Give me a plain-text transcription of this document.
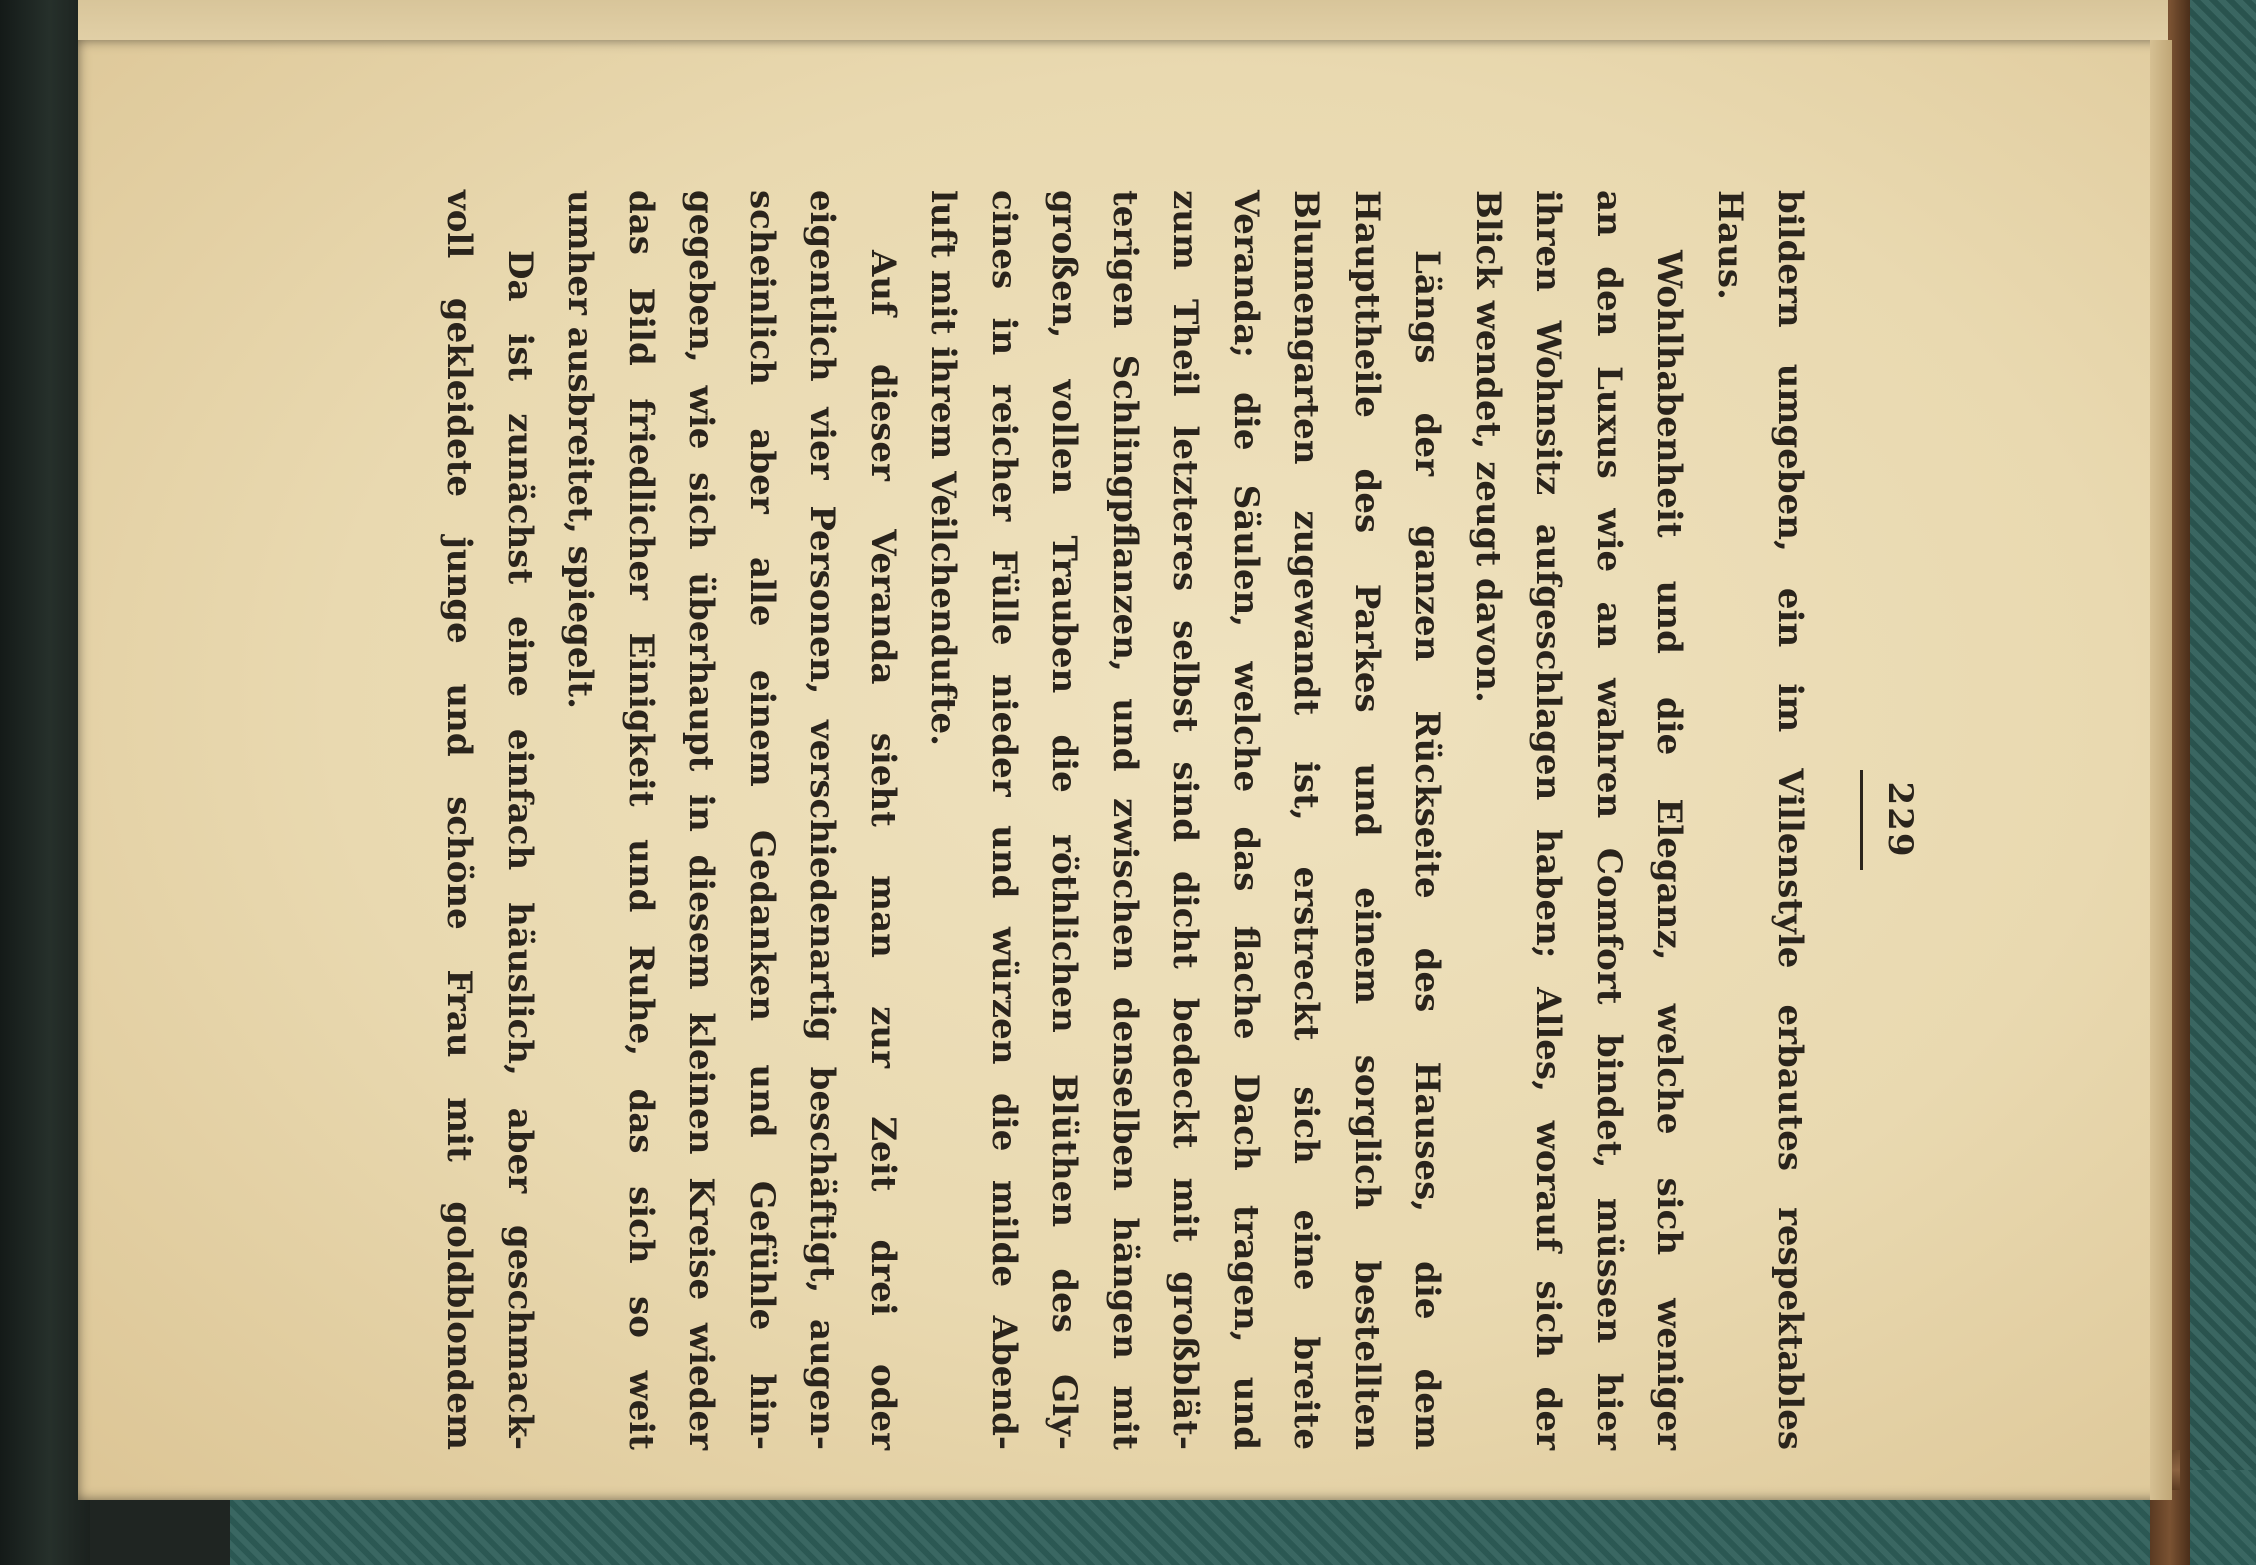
229
bildern umgeben, ein im Villenstyle erbautes respektables
Haus.
Wohlhabenheit und die Eleganz, welche sich weniger
an den Luxus wie an wahren Comfort bindet, müssen hier
ihren Wohnsitz aufgeschlagen haben; Alles, worauf sich der
Blick wendet, zeugt davon.
Längs der ganzen Rückseite des Hauses, die dem
Haupttheile des Parkes und einem sorglich bestellten
Blumengarten zugewandt ist, erstreckt sich eine breite
Veranda; die Säulen, welche das flache Dach tragen, und
zum Theil letzteres selbst sind dicht bedeckt mit großblät-
terigen Schlingpflanzen, und zwischen denselben hängen mit
großen, vollen Trauben die röthlichen Blüthen des Gly-
cines in reicher Fülle nieder und würzen die milde Abend-
luft mit ihrem Veilchendufte.
Auf dieser Veranda sieht man zur Zeit drei oder
eigentlich vier Personen, verschiedenartig beschäftigt, augen-
scheinlich aber alle einem Gedanken und Gefühle hin-
gegeben, wie sich überhaupt in diesem kleinen Kreise wieder
das Bild friedlicher Einigkeit und Ruhe, das sich so weit
umher ausbreitet, spiegelt.
Da ist zunächst eine einfach häuslich, aber geschmack-
voll gekleidete junge und schöne Frau mit goldblondem
